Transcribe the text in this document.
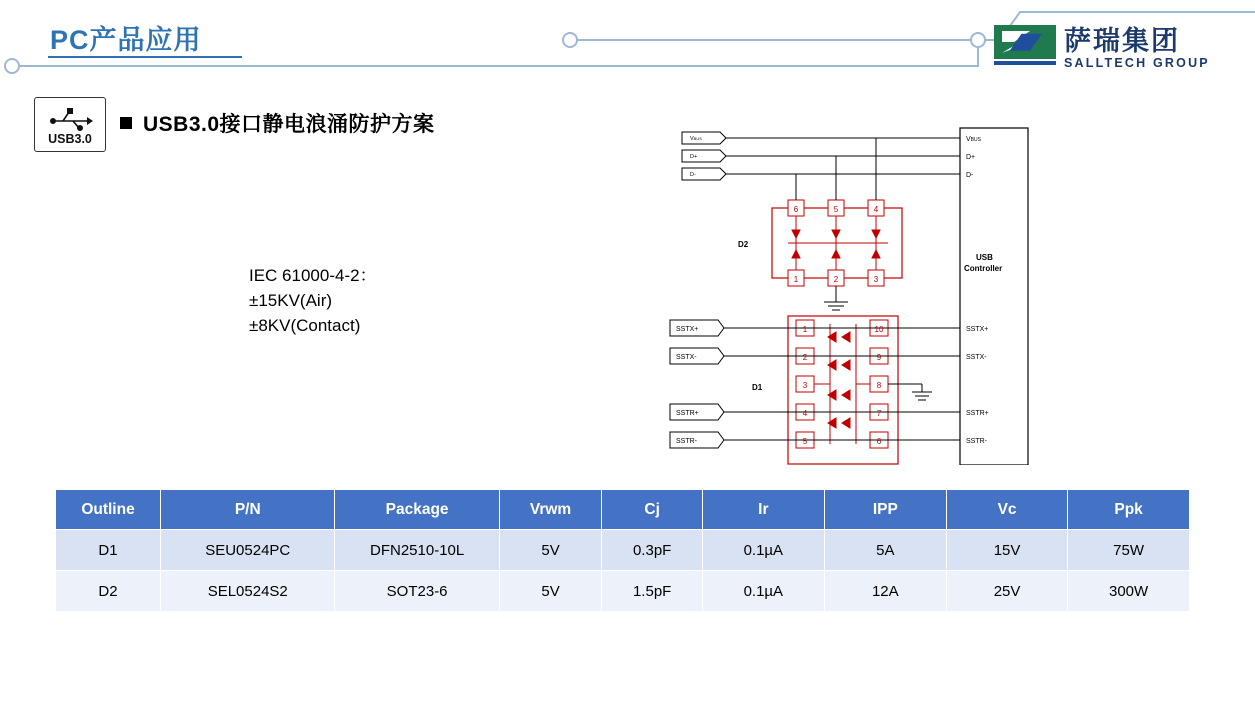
PC产品应用	萨瑞集团
SALLTECH GROUP
USB3.0
USB3.0接口静电浪涌防护方案
IEC 61000-4-2：
±15KV(Air)
±8KV(Contact)
VBUS
D+
D-
SSTX+
SSTX-
SSTR+
SSTR-
VBUS
D+
D-
SSTX+
SSTX-
SSTR+
SSTR-
USB
Controller
D2
D1
6	5	4
1	2	3
1
2
3
4
5
10
9
8
7
6
Outline	P/N	Package	Vrwm	Cj	Ir	IPP	Vc	Ppk
D1	SEU0524PC	DFN2510-10L	5V	0.3pF	0.1µA	5A	15V	75W
D2	SEL0524S2	SOT23-6	5V	1.5pF	0.1µA	12A	25V	300W
